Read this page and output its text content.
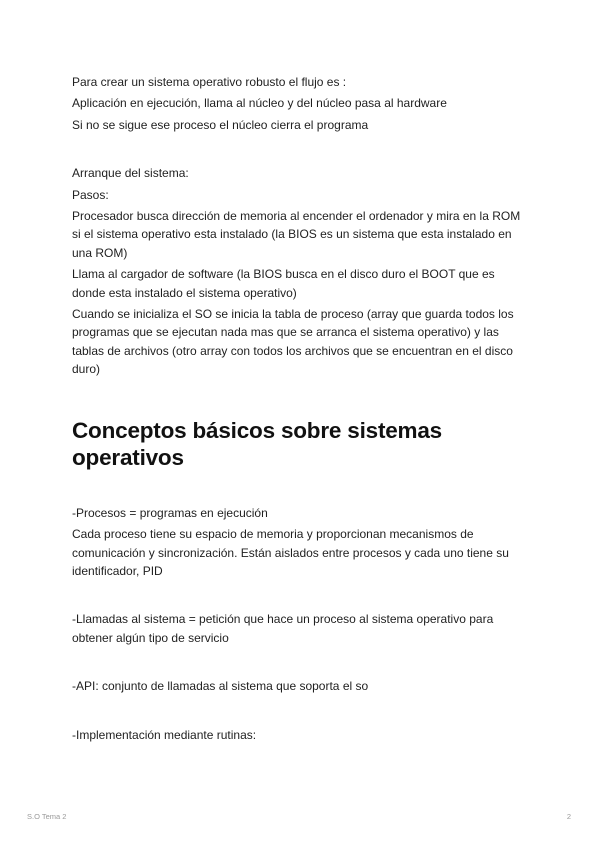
Para crear un sistema operativo robusto el flujo es :

Aplicación en ejecución, llama al núcleo y del núcleo pasa al hardware

Si no se sigue ese proceso el núcleo cierra el programa

Arranque del sistema:

Pasos:

Procesador busca dirección de memoria al encender el ordenador y mira en la ROM si el sistema operativo esta instalado (la BIOS es un sistema que esta instalado en una ROM)

Llama al cargador de software (la BIOS busca en el disco duro el BOOT que es donde esta instalado el sistema operativo)

Cuando se inicializa el SO se inicia la tabla de proceso (array que guarda todos los programas que se ejecutan nada mas que se arranca el sistema operativo) y las tablas de archivos (otro array con todos los archivos que se encuentran en el disco duro)

Conceptos básicos sobre sistemas operativos

-Procesos = programas en ejecución

Cada proceso tiene su espacio de memoria y proporcionan mecanismos de comunicación y sincronización. Están aislados entre procesos y cada uno tiene su identificador, PID

-Llamadas al sistema = petición que hace un proceso al sistema operativo para obtener algún tipo de servicio

-API: conjunto de llamadas al sistema que soporta el so

-Implementación mediante rutinas:

S.O Tema 2	2
